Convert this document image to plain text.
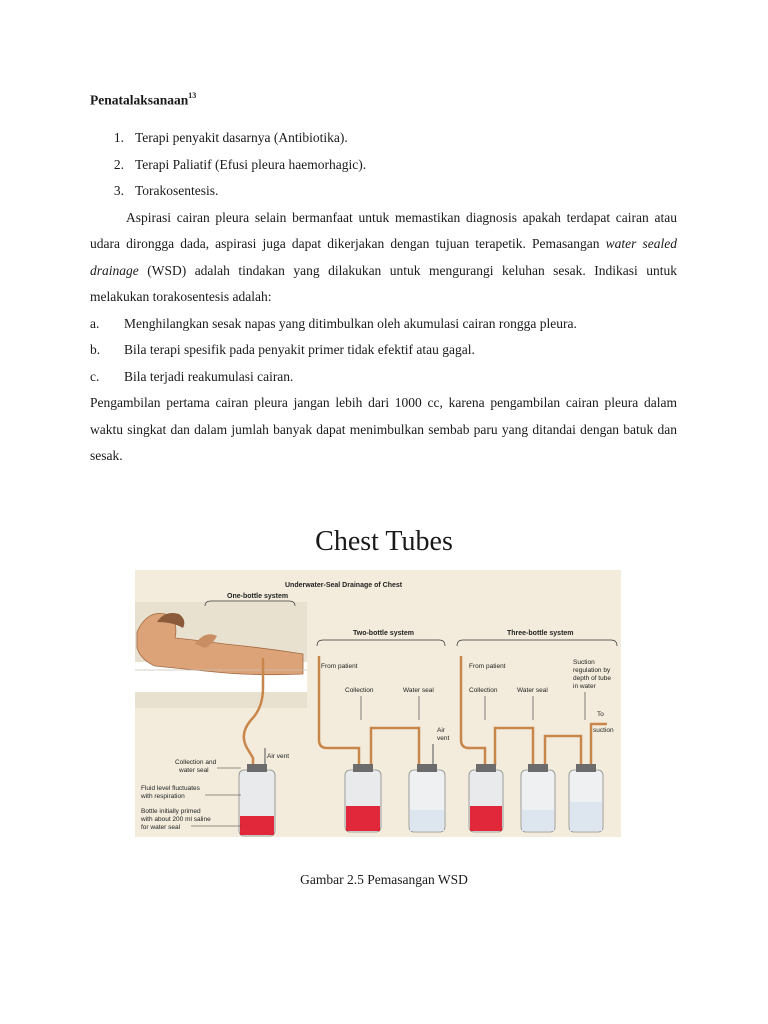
Penatalaksanaan$^{13}$
1. Terapi penyakit dasarnya (Antibiotika).
2. Terapi Paliatif (Efusi pleura haemorhagic).
3. Torakosentesis.

Aspirasi cairan pleura selain bermanfaat untuk memastikan diagnosis apakah terdapat cairan atau udara dirongga dada, aspirasi juga dapat dikerjakan dengan tujuan terapetik. Pemasangan water sealed drainage (WSD) adalah tindakan yang dilakukan untuk mengurangi keluhan sesak. Indikasi untuk melakukan torakosentesis adalah:

a.	Menghilangkan sesak napas yang ditimbulkan oleh akumulasi cairan rongga pleura.
b.	Bila terapi spesifik pada penyakit primer tidak efektif atau gagal.
c.	Bila terjadi reakumulasi cairan.

Pengambilan pertama cairan pleura jangan lebih dari 1000 cc, karena pengambilan cairan pleura dalam waktu singkat dan dalam jumlah banyak dapat menimbulkan sembab paru yang ditandai dengan batuk dan sesak.

Chest Tubes
Underwater-Seal Drainage of Chest
One-bottle system
Two-bottle system	Three-bottle system
Collection and
water seal
Air vent
Fluid level fluctuates
with respiration
Bottle initially primed
with about 200 ml saline
for water seal
From patient
Collection	Water seal
Air
vent
From patient
Collection	Water seal
Suction
regulation by
depth of tube
in water
To
suction
Gambar 2.5 Pemasangan WSD
